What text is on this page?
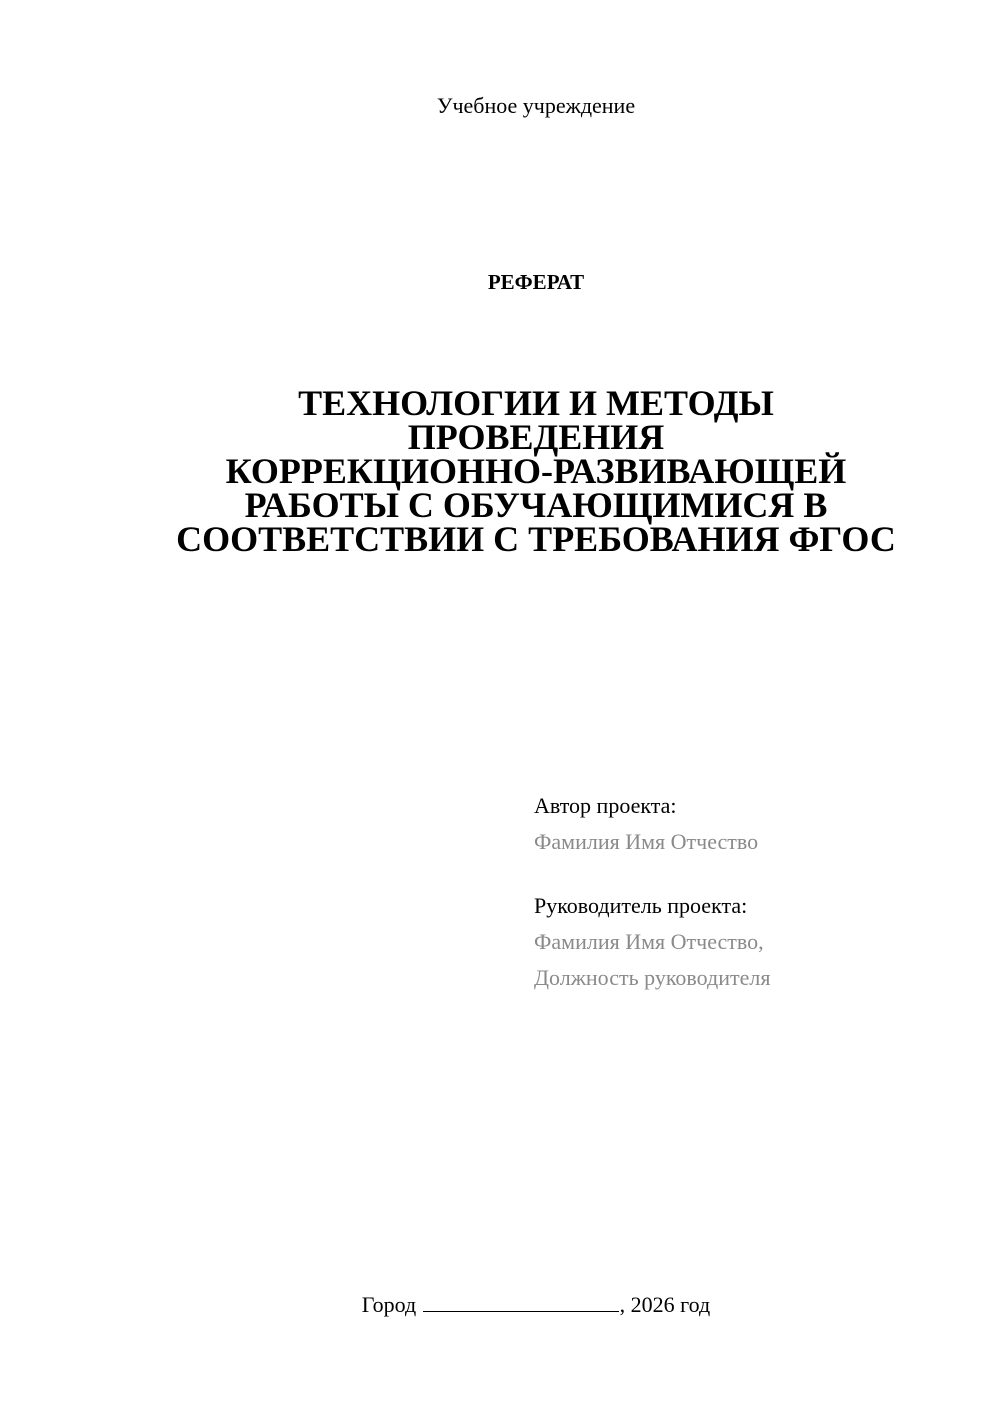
Учебное учреждение
РЕФЕРАТ
ТЕХНОЛОГИИ И МЕТОДЫ
ПРОВЕДЕНИЯ
КОРРЕКЦИОННО-РАЗВИВАЮЩЕЙ
РАБОТЫ С ОБУЧАЮЩИМИСЯ В
СООТВЕТСТВИИ С ТРЕБОВАНИЯ ФГОС
Автор проекта:
Фамилия Имя Отчество
Руководитель проекта:
Фамилия Имя Отчество,
Должность руководителя
Город	, 2026 год
